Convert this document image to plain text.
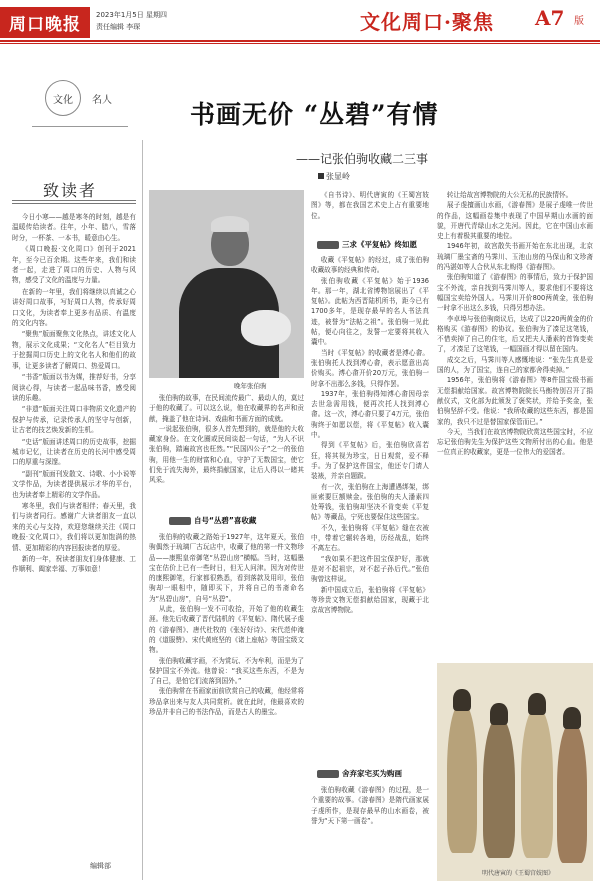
周口晚报	2023年1月5日 星期四
责任编辑 李琛	文化周口·聚焦 A7 版
文化	名人
致读者

今日小寒——越是寒冬的时刻，越是有温暖传给读者。往年，小年、腊八，雪落时分，一杯茶、一本书，暖意由心生。

《周口晚报·文化周口》创刊于2021年，至今已百余期。这些年来，我们和读者一起，走进了周口的历史、人物与风物，感受了文化的温度与力量。

在新的一年里，我们将继续以真诚之心讲好周口故事，写好周口人物，传承好周口文化，为读者奉上更多有品质、有温度的文化内容。

“聚焦”版面聚焦文化热点，讲述文化人物，展示文化成果；“文化名人”栏目致力于挖掘周口历史上的文化名人和他们的故事，让更多读者了解周口、热爱周口。

“书香”版面以书为媒，推荐好书，分享阅读心得，与读者一起品味书香，感受阅读的乐趣。

“非遗”版面关注周口非物质文化遗产的保护与传承，记录传承人的坚守与创新，让古老的技艺焕发新的生机。

“史话”版面讲述周口的历史故事，挖掘城市记忆，让读者在历史的长河中感受周口的厚重与深邃。

“副刊”版面刊发散文、诗歌、小小说等文学作品，为读者提供展示才华的平台，也为读者奉上精彩的文学作品。

寒冬里，我们与读者相伴；春天里，我们与读者同行。感谢广大读者朋友一直以来的关心与支持，欢迎您继续关注《周口晚报·文化周口》，我们将以更加饱满的热情、更加精彩的内容回报读者的厚爱。

新的一年，祝读者朋友们身体健康、工作顺利、阖家幸福、万事如意！

编辑部
书画无价 “丛碧”有情
——记张伯驹收藏二三事
张显岭
晚年张伯驹

张伯驹的故事，在民间流传最广、最动人的，莫过于他的收藏了。可以这么说，他在收藏界的名声和贡献，掩盖了他在诗词、戏曲和书画方面的成就。

一说起张伯驹，很多人首先想到的，就是他的大收藏家身份。在文化圈或民间谈起一句话，“为人不识张伯驹，踏遍故宫也枉然。”“民国四公子”之一的张伯驹，用他一生的财富和心血，守护了无数国宝，使它们免于流失海外，最终捐献国家，让后人得以一睹其风采。

自号“丛碧”喜收藏

张伯驹的收藏之路始于1927年，这年夏天，张伯驹偶然于琉璃厂古玩店中，收藏了他的第一件文物珍品——康熙皇帝御笔“丛碧山房”横幅。当时，这幅墨宝在估价上已有一些时日，但无人问津。因为对传世的康熙御笔，行家都很熟悉，看到落款及用印，张伯驹却一眼相中，随即买下，并将自己的书斋命名为“丛碧山房”，自号“丛碧”。

从此，张伯驹一发不可收拾，开始了他的收藏生涯。他先后收藏了晋代陆机的《平复帖》、隋代展子虔的《游春图》、唐代杜牧的《张好好诗》、宋代范仲淹的《道服赞》、宋代黄庭坚的《诸上座帖》等国宝级文物。

张伯驹收藏字画，不为赏玩、不为牟利，而是为了保护国宝不外流。他曾说：“我买这些东西，不是为了自己，是怕它们流落到国外。”

张伯驹常在书画家面前欣赏自己的收藏，他经常将珍品拿出来与友人共同赏析。就在此时，他最喜欢的珍品并非自己的书法作品，而是古人的墨宝。

《自书诗》、明代唐寅的《王蜀宫妓图》等，都在我国艺术史上占有重要地位。

三求《平复帖》终如愿

收藏《平复帖》的经过，成了张伯驹收藏故事的经典和传奇。

张伯驹收藏《平复帖》始于1936年。那一年，湖北省博物馆展出了《平复帖》。此帖为西晋陆机所书，距今已有1700多年，是现存最早的名人书法真迹，被誉为“法帖之祖”。张伯驹一见此帖，便心向往之，发誓一定要将其收入囊中。

当时《平复帖》的收藏者是溥心畬。张伯驹托人找到溥心畬，表示愿意出高价购买。溥心畬开价20万元，张伯驹一时拿不出那么多钱，只得作罢。

1937年，张伯驹得知溥心畬因母亲去世急需用钱，便再次托人找到溥心畬。这一次，溥心畬只要了4万元，张伯驹终于如愿以偿，将《平复帖》收入囊中。

得到《平复帖》后，张伯驹欣喜若狂，将其视为珍宝，日日观赏，爱不释手。为了保护这件国宝，他还专门请人装裱，并亲自题跋。

有一次，张伯驹在上海遭遇绑架，绑匪索要巨额赎金。张伯驹的夫人潘素四处筹钱，张伯驹却坚决不肯变卖《平复帖》等藏品，宁死也要保住这些国宝。

不久，张伯驹将《平复帖》缝在衣被中，带着它辗转各地，历经战乱，始终不离左右。

“我如果不把这件国宝保护好，那就是对不起祖宗，对不起子孙后代。”张伯驹曾这样说。

新中国成立后，张伯驹将《平复帖》等珍贵文物无偿捐献给国家，现藏于北京故宫博物院。

舍弃家宅买为购画

张伯驹收藏《游春图》的过程，是一个重要的故事。《游春图》是隋代画家展子虔所作，是现存最早的山水画卷，被誉为“天下第一画卷”。

转让给故宫博物院的大公无私的民族情怀。

展子虔擅画山水画，《游春图》是展子虔唯一传世的作品，这幅画卷集中表现了中国早期山水画的面貌，开唐代青绿山水之先河。因此，它在中国山水画史上有着极其重要的地位。

1946年初，故宫散失书画开始在东北出现，北京琉璃厂墨宝斋的马霁川、玉池山房的马保山和文珍斋的冯湛如等人合伙从东北购得《游春图》。

张伯驹知道了《游春图》的事情后，致力于保护国宝不外流，亲自找到马霁川等人，要求他们不要将这幅国宝卖给外国人。马霁川开价800两黄金，张伯驹一时拿不出这么多钱，只得另想办法。

李卓埠与张伯驹商议后，达成了以220两黄金的价格购买《游春图》的协议。张伯驹为了凑足这笔钱，不惜卖掉了自己的住宅，后又把夫人潘素的首饰变卖了，才凑足了这笔钱，一幅国画才得以留在国内。

成交之后，马霁川等人感慨地说：“张先生真是爱国的人，为了国宝，连自己的家都舍得卖掉。”

1956年，张伯驹将《游春图》等8件国宝级书画无偿捐献给国家。故宫博物院院长马衡特别召开了捐献仪式，文化部为此颁发了褒奖状，并给予奖金，张伯驹坚辞不受。他说：“我所收藏的这些东西，都是国家的，我只不过是替国家保管而已。”

今天，当我们在故宫博物院欣赏这些国宝时，不应忘记张伯驹先生为保护这些文物所付出的心血。他是一位真正的收藏家，更是一位伟大的爱国者。

明代唐寅的《王蜀宫妓图》
